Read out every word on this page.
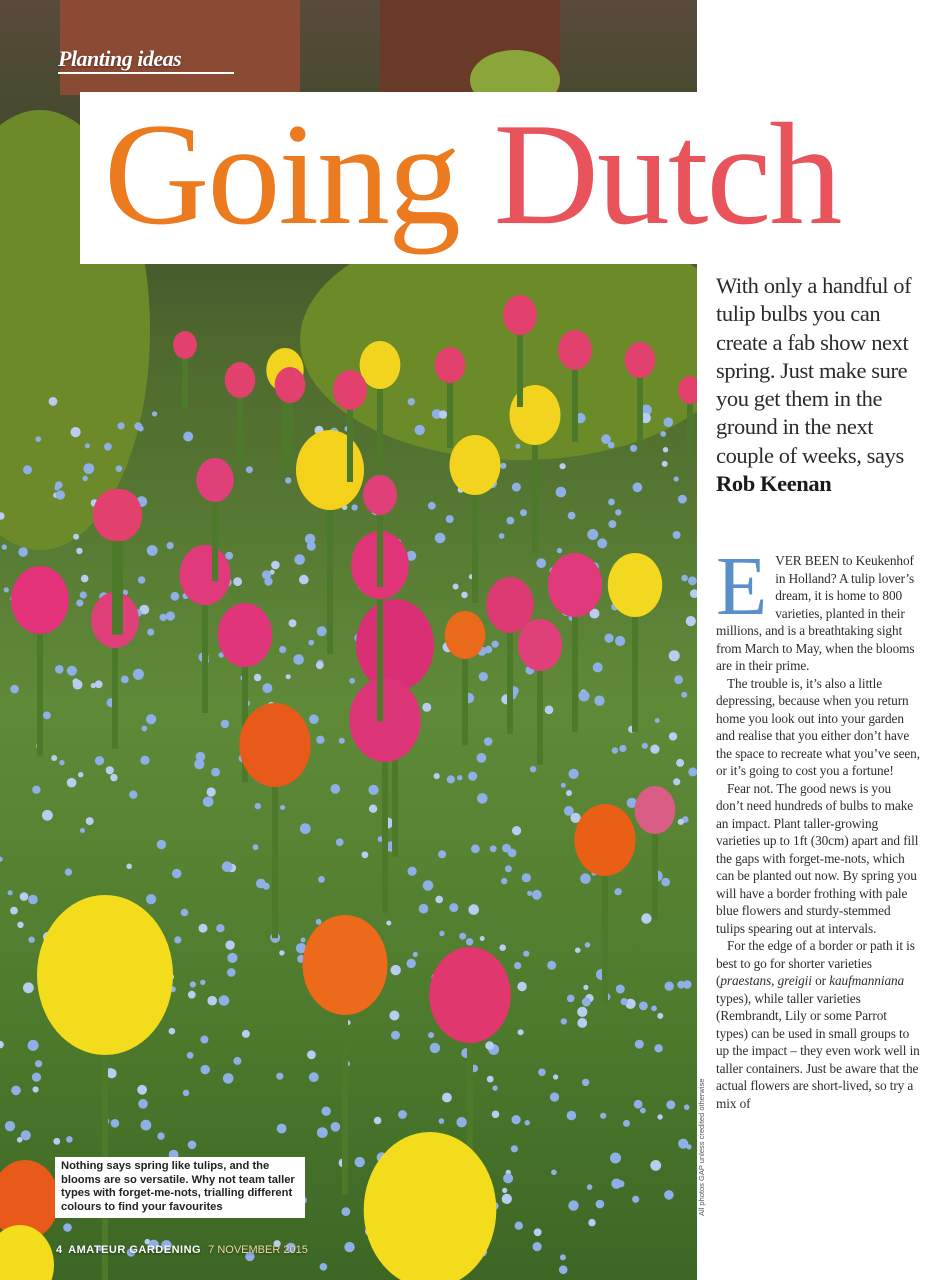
Planting ideas
Nothing says spring like tulips, and the blooms are so versatile. Why not team taller types with forget-me-nots, trialling different colours to find your favourites
4 AMATEUR GARDENING 7 NOVEMBER 2015
Going Dutch
With only a handful of tulip bulbs you can create a fab show next spring. Just make sure you get them in the ground in the next couple of weeks, says Rob Keenan

EVER BEEN to Keukenhof in Holland? A tulip lover’s dream, it is home to 800 varieties, planted in their millions, and is a breathtaking sight from March to May, when the blooms are in their prime.

The trouble is, it’s also a little depressing, because when you return home you look out into your garden and realise that you either don’t have the space to recreate what you’ve seen, or it’s going to cost you a fortune!

Fear not. The good news is you don’t need hundreds of bulbs to make an impact. Plant taller-growing varieties up to 1ft (30cm) apart and fill the gaps with forget-me-nots, which can be planted out now. By spring you will have a border frothing with pale blue flowers and sturdy-stemmed tulips spearing out at intervals.

For the edge of a border or path it is best to go for shorter varieties (praestans, greigii or kaufmanniana types), while taller varieties (Rembrandt, Lily or some Parrot types) can be used in small groups to up the impact – they even work well in taller containers. Just be aware that the actual flowers are short-lived, so try a mix of

All photos GAP unless credited otherwise
